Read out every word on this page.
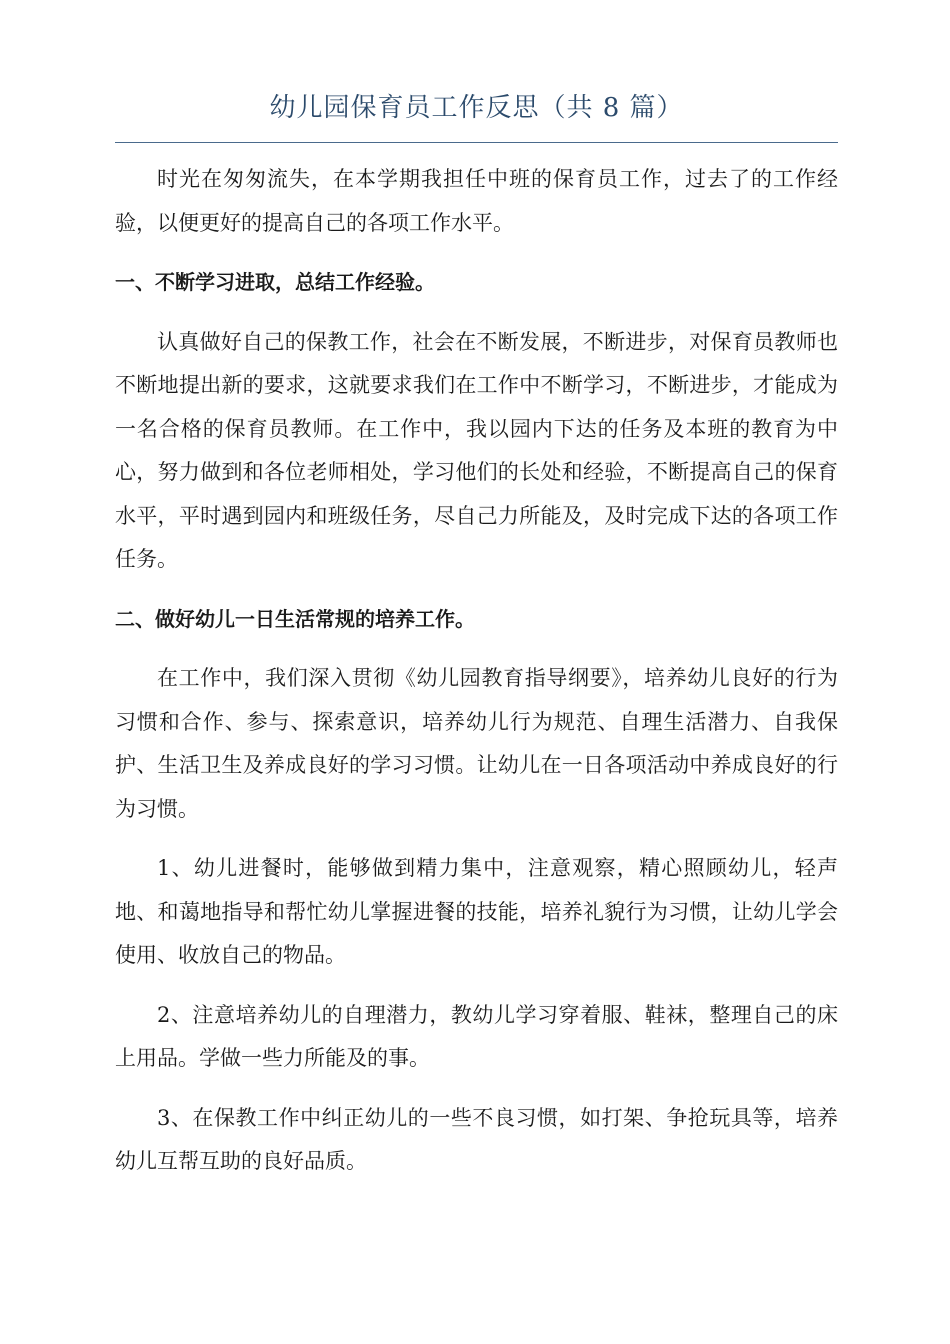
幼儿园保育员工作反思（共 8 篇）

时光在匆匆流失，在本学期我担任中班的保育员工作，过去了的工作经验，以便更好的提高自己的各项工作水平。

一、不断学习进取，总结工作经验。

认真做好自己的保教工作，社会在不断发展，不断进步，对保育员教师也不断地提出新的要求，这就要求我们在工作中不断学习，不断进步，才能成为一名合格的保育员教师。在工作中，我以园内下达的任务及本班的教育为中心，努力做到和各位老师相处，学习他们的长处和经验，不断提高自己的保育水平，平时遇到园内和班级任务，尽自己力所能及，及时完成下达的各项工作任务。

二、做好幼儿一日生活常规的培养工作。

在工作中，我们深入贯彻《幼儿园教育指导纲要》，培养幼儿良好的行为习惯和合作、参与、探索意识，培养幼儿行为规范、自理生活潜力、自我保护、生活卫生及养成良好的学习习惯。让幼儿在一日各项活动中养成良好的行为习惯。

1、幼儿进餐时，能够做到精力集中，注意观察，精心照顾幼儿，轻声地、和蔼地指导和帮忙幼儿掌握进餐的技能，培养礼貌行为习惯，让幼儿学会使用、收放自己的物品。

2、注意培养幼儿的自理潜力，教幼儿学习穿着服、鞋袜，整理自己的床上用品。学做一些力所能及的事。

3、在保教工作中纠正幼儿的一些不良习惯，如打架、争抢玩具等，培养幼儿互帮互助的良好品质。
